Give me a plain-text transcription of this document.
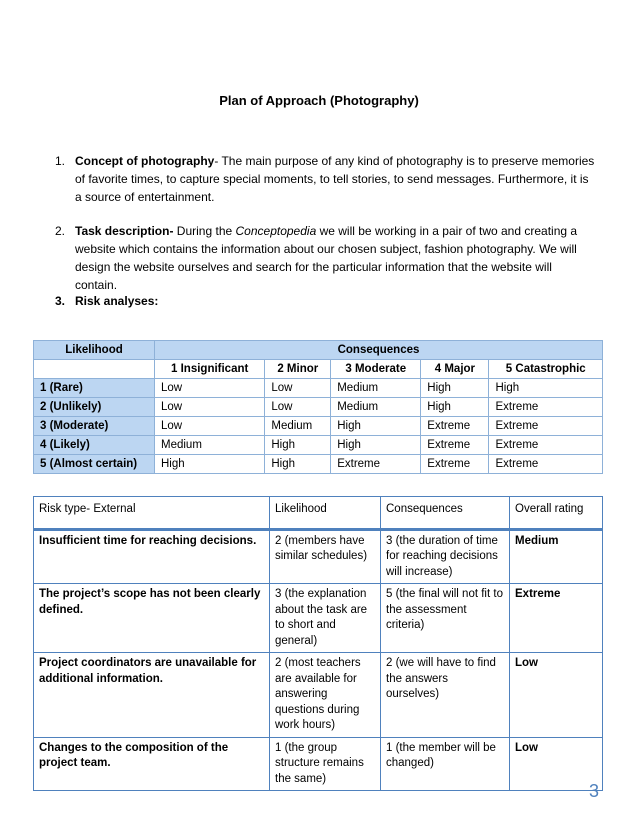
Plan of Approach (Photography)
1. Concept of photography- The main purpose of any kind of photography is to preserve memories of favorite times, to capture special moments, to tell stories, to send messages. Furthermore, it is a source of entertainment.
2. Task description- During the Conceptopedia we will be working in a pair of two and creating a website which contains the information about our chosen subject, fashion photography. We will design the website ourselves and search for the particular information that the website will contain.
3. Risk analyses:
Likelihood	Consequences				
	1 Insignificant	2 Minor	3 Moderate	4 Major	5 Catastrophic
1 (Rare)	Low	Low	Medium	High	High
2 (Unlikely)	Low	Low	Medium	High	Extreme
3 (Moderate)	Low	Medium	High	Extreme	Extreme
4 (Likely)	Medium	High	High	Extreme	Extreme
5 (Almost certain)	High	High	Extreme	Extreme	Extreme
Risk type- External	Likelihood	Consequences	Overall rating
Insufficient time for reaching decisions.	2 (members have similar schedules)	3 (the duration of time for reaching decisions will increase)	Medium
The project’s scope has not been clearly defined.	3 (the explanation about the task are to short and general)	5 (the final will not fit to the assessment criteria)	Extreme
Project coordinators are unavailable for additional information.	2 (most teachers are available for answering questions during work hours)	2 (we will have to find the answers ourselves)	Low
Changes to the composition of the project team.	1 (the group structure remains the same)	1 (the member will be changed)	Low
3
